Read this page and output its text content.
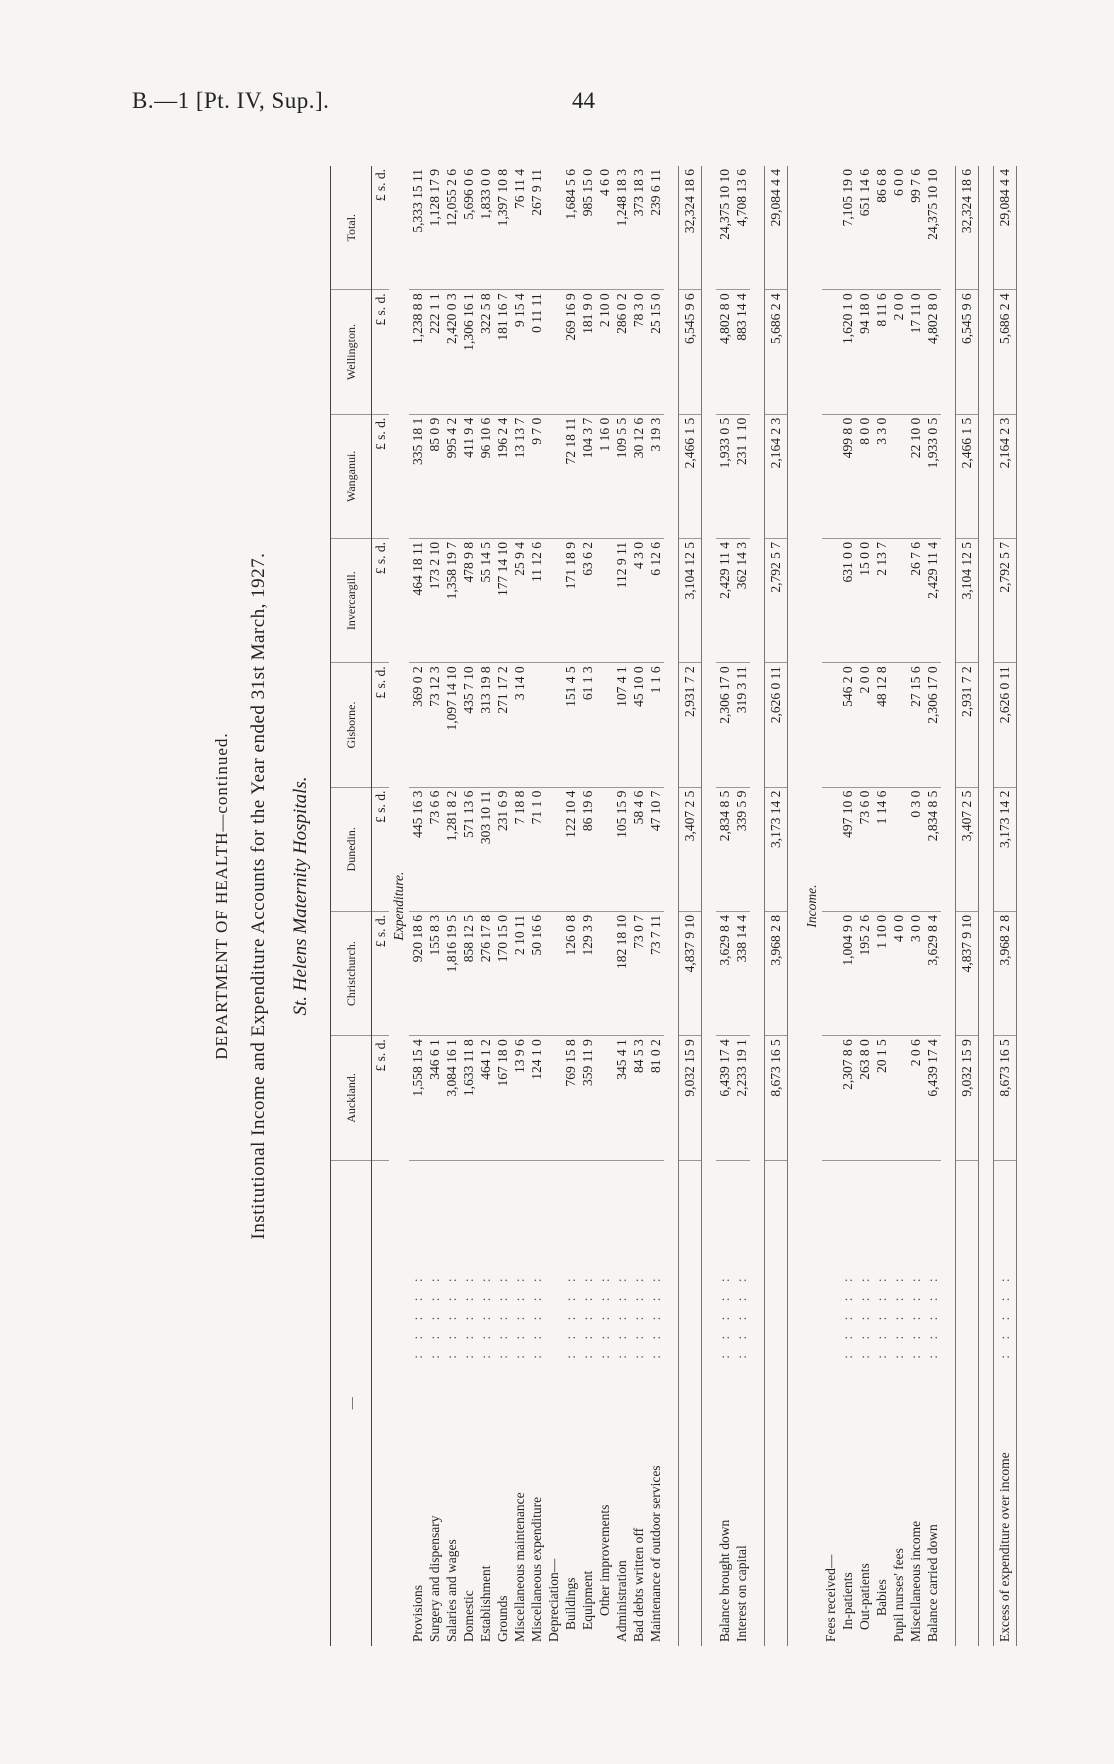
B.—1 [Pt. IV, Sup.].	44
DEPARTMENT OF HEALTH—continued. Institutional Income and Expenditure Accounts for the Year ended 31st March, 1927. St. Helens Maternity Hospitals.
—		Auckland.	Christchurch.	Dunedin.	Gisborne.	Invercargill.	Wanganui.	Wellington.	Total.
		£ s. d.	£ s. d.	£ s. d.	£ s. d.	£ s. d.	£ s. d.	£ s. d.	£ s. d.
Expenditure.									
Provisions	: : : : :	1,558 15 4	920 18 6	445 16 3	369 0 2	464 18 11	335 18 1	1,238 8 8	5,333 15 11
Surgery and dispensary	: : : : :	346 6 1	155 8 3	73 6 6	73 12 3	173 2 10	85 0 9	222 1 1	1,128 17 9
Salaries and wages	: : : : :	3,084 16 1	1,816 19 5	1,281 8 2	1,097 14 10	1,358 19 7	995 4 2	2,420 0 3	12,055 2 6
Domestic	: : : : :	1,633 11 8	858 12 5	571 13 6	435 7 10	478 9 8	411 9 4	1,306 16 1	5,696 0 6
Establishment	: : : : :	464 1 2	276 17 8	303 10 11	313 19 8	55 14 5	96 10 6	322 5 8	1,833 0 0
Grounds	: : : : :	167 18 0	170 15 0	231 6 9	271 17 2	177 14 10	196 2 4	181 16 7	1,397 10 8
Miscellaneous maintenance	: : : : :	13 9 6	2 10 11	7 18 8	3 14 0	25 9 4	13 13 7	9 15 4	76 11 4
Miscellaneous expenditure	: : : : :	124 1 0	50 16 6	71 1 0		11 12 6	9 7 0	0 11 11	267 9 11
Depreciation—									
Buildings	: : : : :	769 15 8	126 0 8	122 10 4	151 4 5	171 18 9	72 18 11	269 16 9	1,684 5 6
Equipment	: : : : :	359 11 9	129 3 9	86 19 6	61 1 3	63 6 2	104 3 7	181 9 0	985 15 0
Other improvements	: : : : :						1 16 0	2 10 0	4 6 0
Administration	: : : : :	345 4 1	182 18 10	105 15 9	107 4 1	112 9 11	109 5 5	286 0 2	1,248 18 3
Bad debts written off	: : : : :	84 5 3	73 0 7	58 4 6	45 10 0	4 3 0	30 12 6	78 3 0	373 18 3
Maintenance of outdoor services	: : : : :	81 0 2	73 7 11	47 10 7	1 1 6	6 12 6	3 19 3	25 15 0	239 6 11

		9,032 15 9	4,837 9 10	3,407 2 5	2,931 7 2	3,104 12 5	2,466 1 5	6,545 9 6	32,324 18 6

Balance brought down	: : : : :	6,439 17 4	3,629 8 4	2,834 8 5	2,306 17 0	2,429 11 4	1,933 0 5	4,802 8 0	24,375 10 10
Interest on capital	: : : : :	2,233 19 1	338 14 4	339 5 9	319 3 11	362 14 3	231 1 10	883 14 4	4,708 13 6

		8,673 16 5	3,968 2 8	3,173 14 2	2,626 0 11	2,792 5 7	2,164 2 3	5,686 2 4	29,084 4 4

Income.									
Fees received—									
In-patients	: : : : :	2,307 8 6	1,004 9 0	497 10 6	546 2 0	631 0 0	499 8 0	1,620 1 0	7,105 19 0
Out-patients	: : : : :	263 8 0	195 2 6	73 6 0	2 0 0	15 0 0	8 0 0	94 18 0	651 14 6
Babies	: : : : :	20 1 5	1 10 0	1 14 6	48 12 8	2 13 7	3 3 0	8 11 6	86 6 8
Pupil nurses' fees	: : : : :		4 0 0					2 0 0	6 0 0
Miscellaneous income	: : : : :	2 0 6	3 0 0	0 3 0	27 15 6	26 7 6	22 10 0	17 11 0	99 7 6
Balance carried down	: : : : :	6,439 17 4	3,629 8 4	2,834 8 5	2,306 17 0	2,429 11 4	1,933 0 5	4,802 8 0	24,375 10 10

		9,032 15 9	4,837 9 10	3,407 2 5	2,931 7 2	3,104 12 5	2,466 1 5	6,545 9 6	32,324 18 6

Excess of expenditure over income	: : : : :	8,673 16 5	3,968 2 8	3,173 14 2	2,626 0 11	2,792 5 7	2,164 2 3	5,686 2 4	29,084 4 4
